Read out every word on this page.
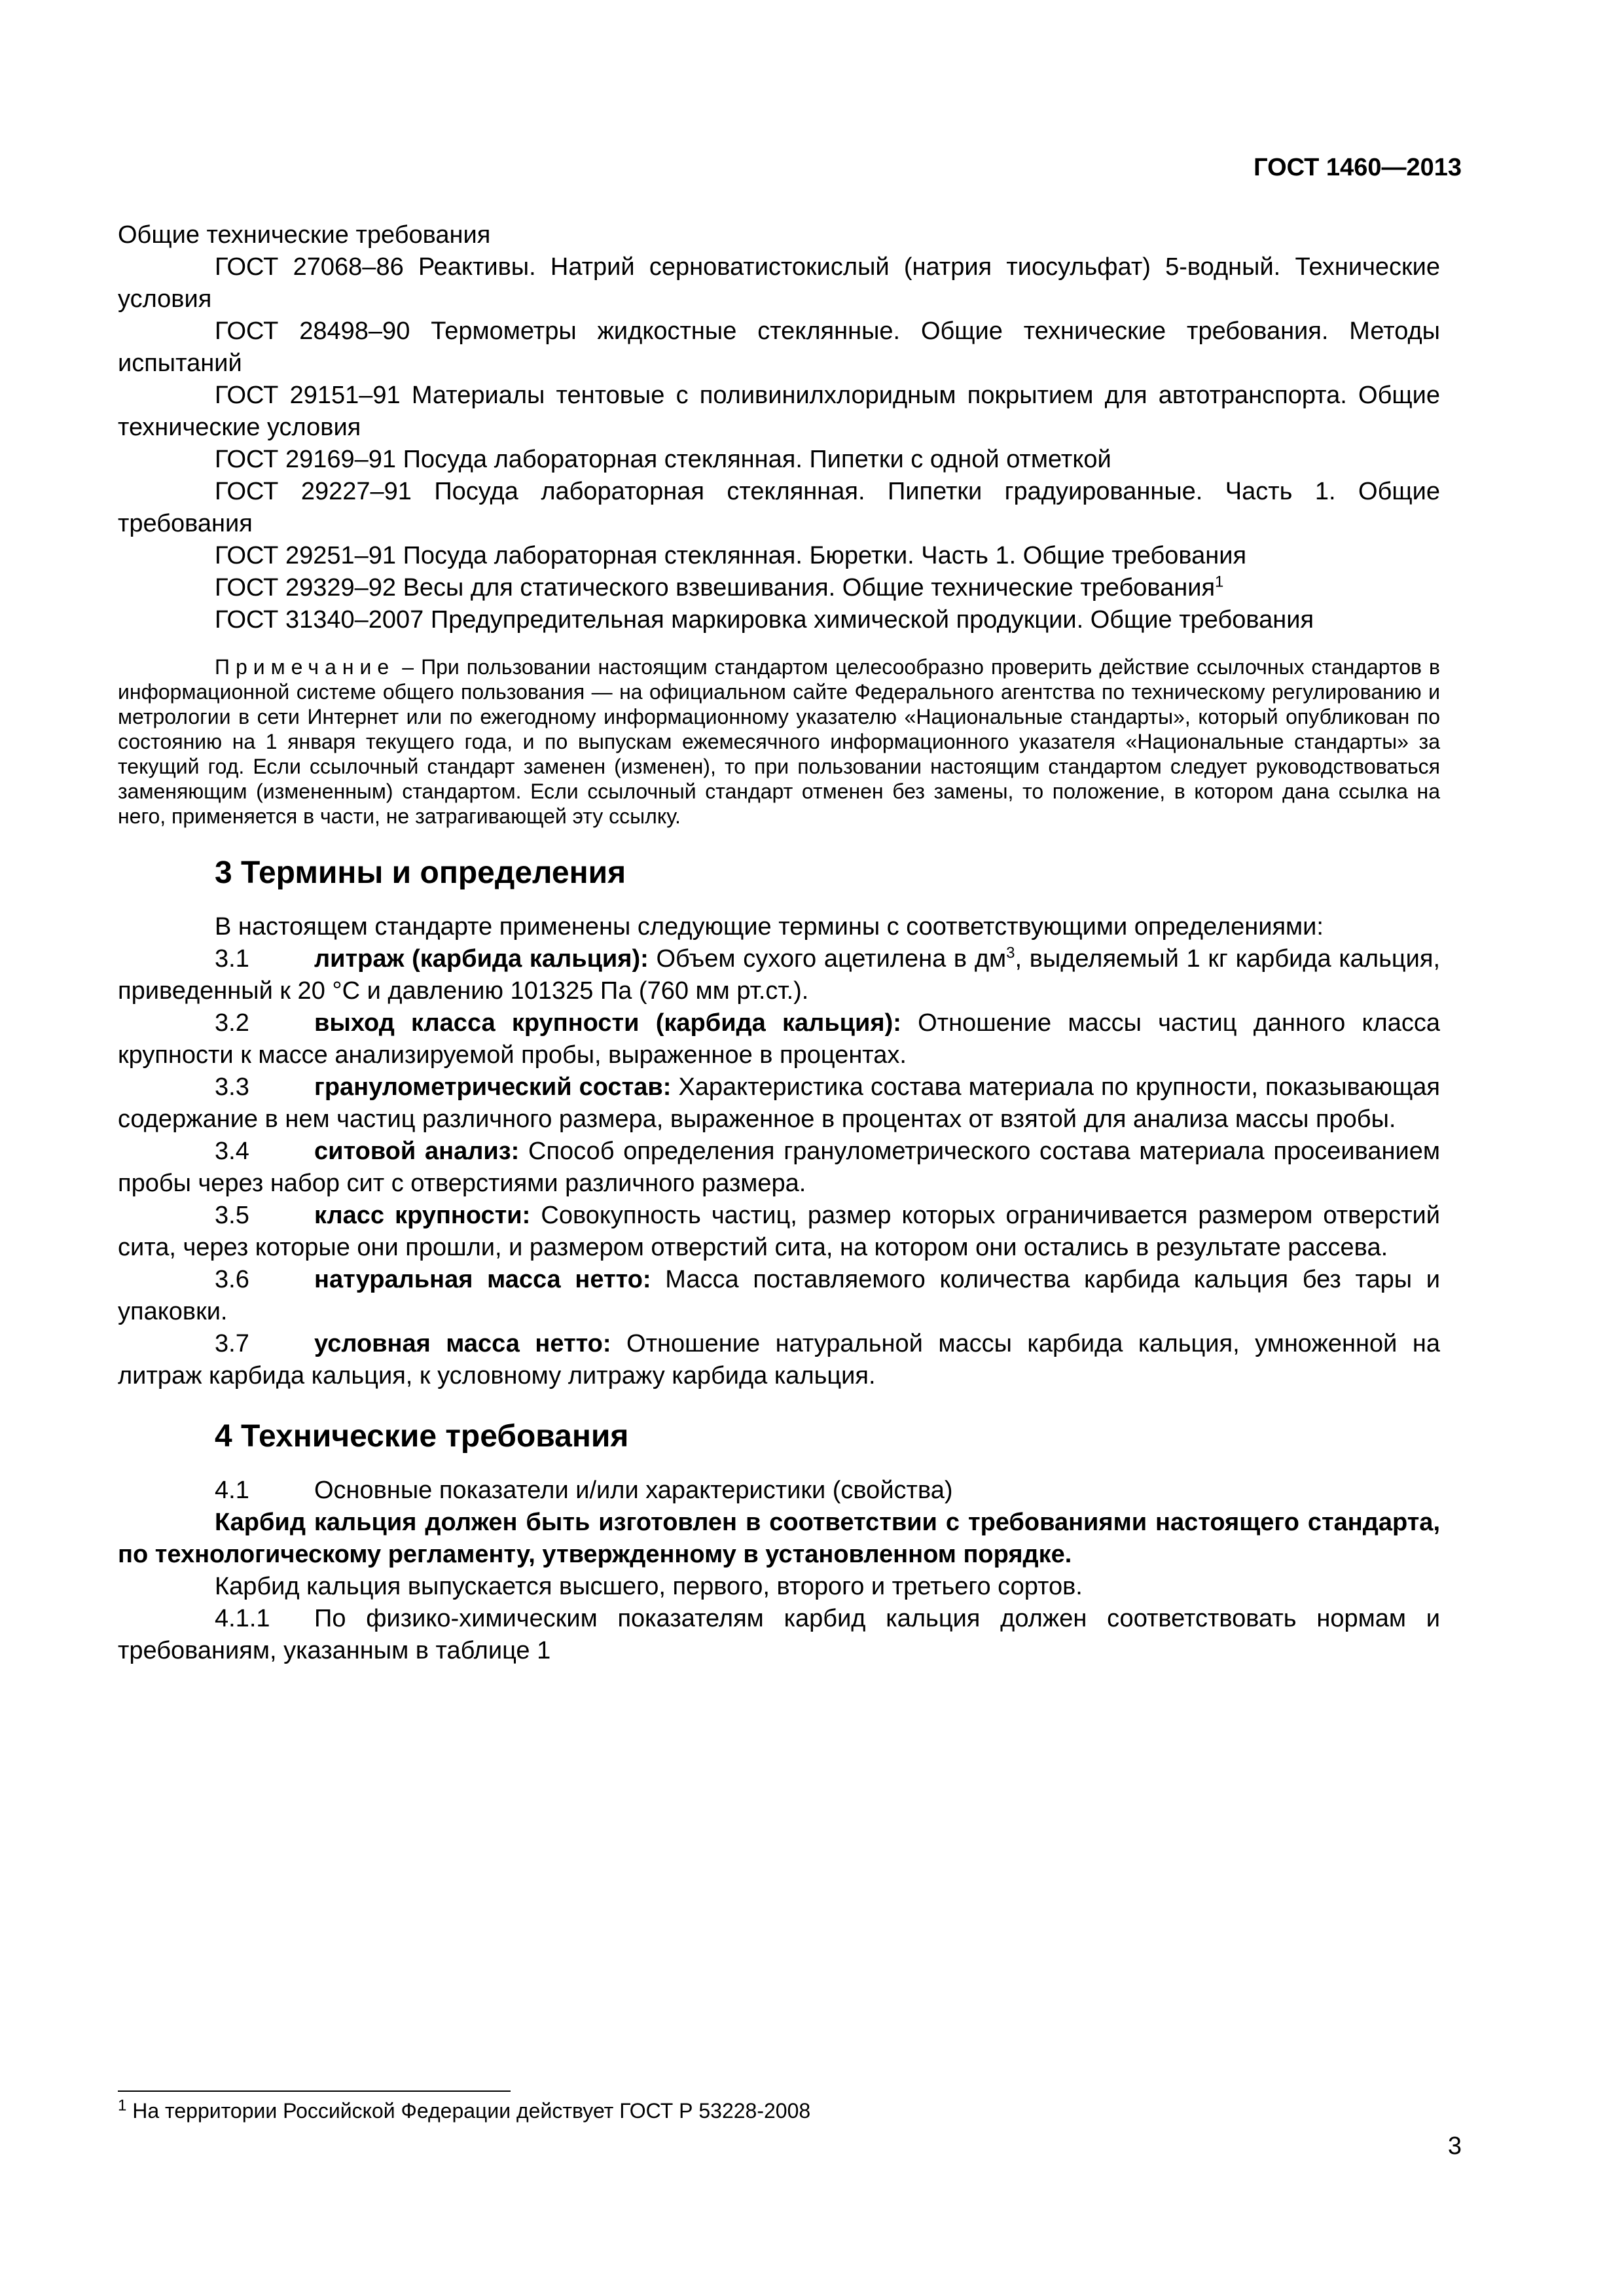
ГОСТ 1460—2013

Общие технические требования

ГОСТ 27068–86 Реактивы. Натрий серноватистокислый (натрия тиосульфат) 5-водный. Технические условия

ГОСТ 28498–90 Термометры жидкостные стеклянные. Общие технические требования. Методы испытаний

ГОСТ 29151–91 Материалы тентовые с поливинилхлоридным покрытием для автотранспорта. Общие технические условия

ГОСТ 29169–91 Посуда лабораторная стеклянная. Пипетки с одной отметкой

ГОСТ 29227–91 Посуда лабораторная стеклянная. Пипетки градуированные. Часть 1. Общие требования

ГОСТ 29251–91 Посуда лабораторная стеклянная. Бюретки. Часть 1. Общие требования

ГОСТ 29329–92 Весы для статического взвешивания. Общие технические требования$^1$

ГОСТ 31340–2007 Предупредительная маркировка химической продукции. Общие требования

Примечание – При пользовании настоящим стандартом целесообразно проверить действие ссылочных стандартов в информационной системе общего пользования — на официальном сайте Федерального агентства по техническому регулированию и метрологии в сети Интернет или по ежегодному информационному указателю «Национальные стандарты», который опубликован по состоянию на 1 января текущего года, и по выпускам ежемесячного информационного указателя «Национальные стандарты» за текущий год. Если ссылочный стандарт заменен (изменен), то при пользовании настоящим стандартом следует руководствоваться заменяющим (измененным) стандартом. Если ссылочный стандарт отменен без замены, то положение, в котором дана ссылка на него, применяется в части, не затрагивающей эту ссылку.

3 Термины и определения

В настоящем стандарте применены следующие термины с соответствующими определениями:

3.1	литраж (карбида кальция): Объем сухого ацетилена в $дм^3$, выделяемый 1 кг карбида кальция, приведенный к 20 °С и давлению 101325 Па (760 мм рт.ст.).

3.2	выход класса крупности (карбида кальция): Отношение массы частиц данного класса крупности к массе анализируемой пробы, выраженное в процентах.

3.3	гранулометрический состав: Характеристика состава материала по крупности, показывающая содержание в нем частиц различного размера, выраженное в процентах от взятой для анализа массы пробы.

3.4	ситовой анализ: Способ определения гранулометрического состава материала просеиванием пробы через набор сит с отверстиями различного размера.

3.5	класс крупности: Совокупность частиц, размер которых ограничивается размером отверстий сита, через которые они прошли, и размером отверстий сита, на котором они остались в результате рассева.

3.6	натуральная масса нетто: Масса поставляемого количества карбида кальция без тары и упаковки.

3.7	условная масса нетто: Отношение натуральной массы карбида кальция, умноженной на литраж карбида кальция, к условному литражу карбида кальция.

4 Технические требования

4.1	Основные показатели и/или характеристики (свойства)

Карбид кальция должен быть изготовлен в соответствии с требованиями настоящего стандарта, по технологическому регламенту, утвержденному в установленном порядке.

Карбид кальция выпускается высшего, первого, второго и третьего сортов.

4.1.1 По физико-химическим показателям карбид кальция должен соответствовать нормам и требованиям, указанным в таблице 1

$^1$ На территории Российской Федерации действует ГОСТ Р 53228-2008
3
